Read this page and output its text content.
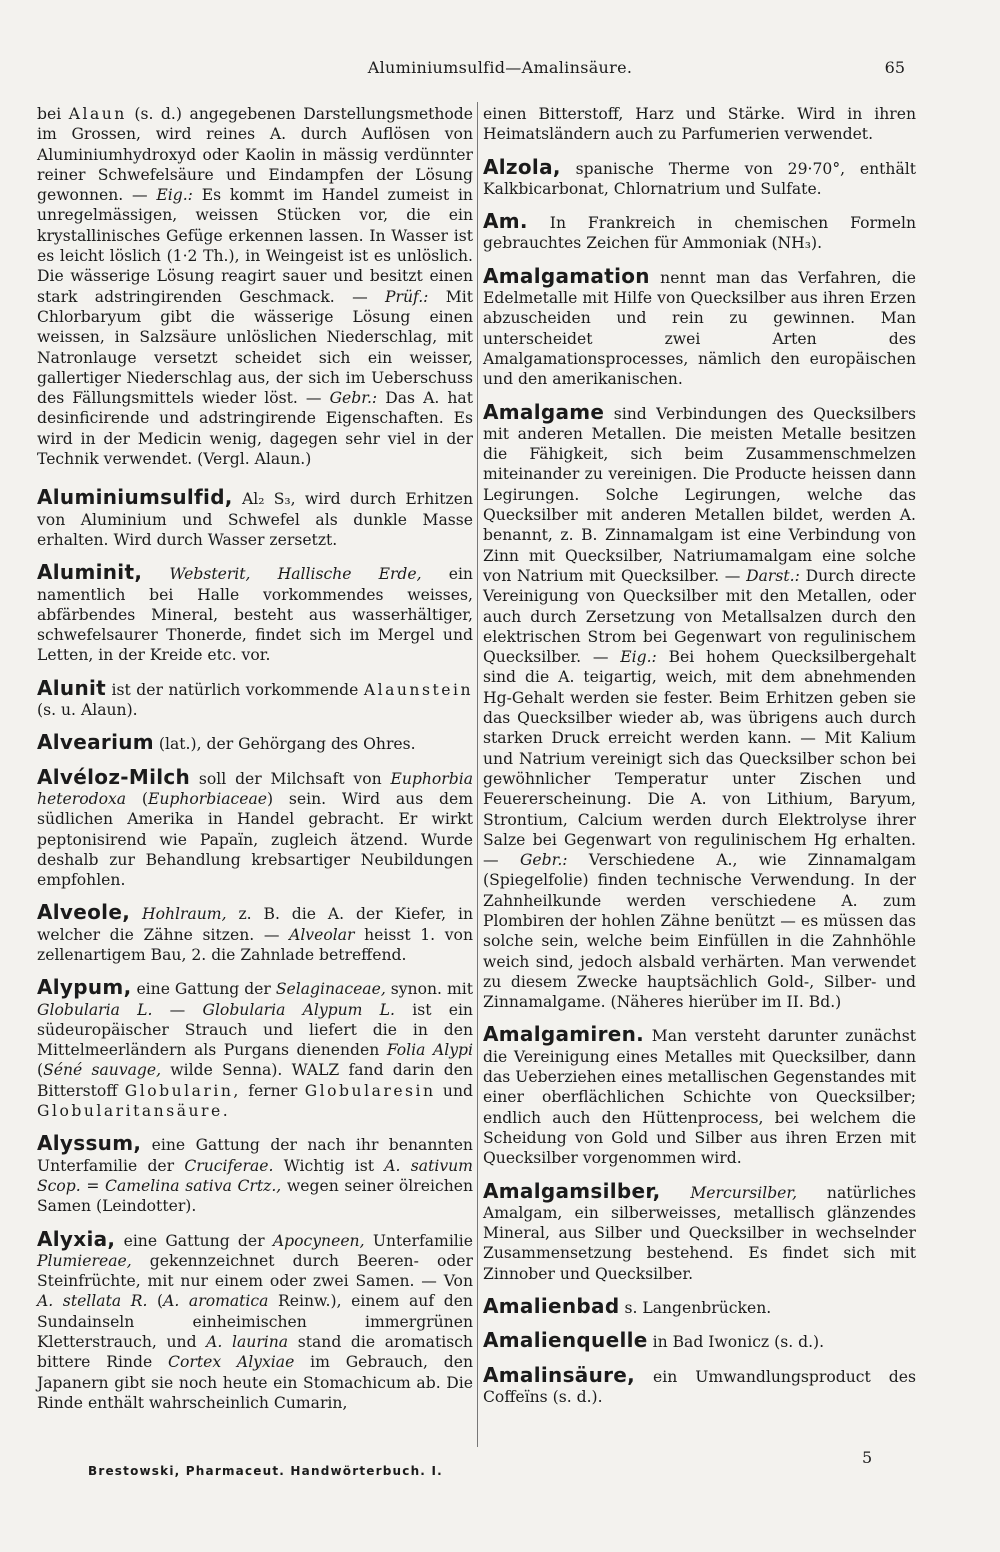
Aluminiumsulfid—Amalinsäure.	65

bei Alaun (s. d.) angegebenen Darstellungsmethode im Grossen, wird reines A. durch Auflösen von Aluminiumhydroxyd oder Kaolin in mässig verdünnter reiner Schwefelsäure und Eindampfen der Lösung gewonnen. — Eig.: Es kommt im Handel zumeist in unregelmässigen, weissen Stücken vor, die ein krystallinisches Gefüge erkennen lassen. In Wasser ist es leicht löslich (1·2 Th.), in Weingeist ist es unlöslich. Die wässerige Lösung reagirt sauer und besitzt einen stark adstringirenden Geschmack. — Prüf.: Mit Chlorbaryum gibt die wässerige Lösung einen weissen, in Salzsäure unlöslichen Niederschlag, mit Natronlauge versetzt scheidet sich ein weisser, gallertiger Niederschlag aus, der sich im Ueberschuss des Fällungsmittels wieder löst. — Gebr.: Das A. hat desinficirende und adstringirende Eigenschaften. Es wird in der Medicin wenig, dagegen sehr viel in der Technik verwendet. (Vergl. Alaun.)

Aluminiumsulfid, Al₂ S₃, wird durch Erhitzen von Aluminium und Schwefel als dunkle Masse erhalten. Wird durch Wasser zersetzt.

Aluminit, Websterit, Hallische Erde, ein namentlich bei Halle vorkommendes weisses, abfärbendes Mineral, besteht aus wasserhältiger, schwefelsaurer Thonerde, findet sich im Mergel und Letten, in der Kreide etc. vor.

Alunit ist der natürlich vorkommende Alaunstein (s. u. Alaun).

Alvearium (lat.), der Gehörgang des Ohres.

Alvéloz-Milch soll der Milchsaft von Euphorbia heterodoxa (Euphorbiaceae) sein. Wird aus dem südlichen Amerika in Handel gebracht. Er wirkt peptonisirend wie Papaïn, zugleich ätzend. Wurde deshalb zur Behandlung krebsartiger Neubildungen empfohlen.

Alveole, Hohlraum, z. B. die A. der Kiefer, in welcher die Zähne sitzen. — Alveolar heisst 1. von zellenartigem Bau, 2. die Zahnlade betreffend.

Alypum, eine Gattung der Selaginaceae, synon. mit Globularia L. — Globularia Alypum L. ist ein südeuropäischer Strauch und liefert die in den Mittelmeerländern als Purgans dienenden Folia Alypi (Séné sauvage, wilde Senna). WALZ fand darin den Bitterstoff Globularin, ferner Globularesin und Globularitansäure.

Alyssum, eine Gattung der nach ihr benannten Unterfamilie der Cruciferae. Wichtig ist A. sativum Scop. = Camelina sativa Crtz., wegen seiner ölreichen Samen (Leindotter).

Alyxia, eine Gattung der Apocyneen, Unterfamilie Plumiereae, gekennzeichnet durch Beeren- oder Steinfrüchte, mit nur einem oder zwei Samen. — Von A. stellata R. (A. aromatica Reinw.), einem auf den Sundainseln einheimischen immergrünen Kletterstrauch, und A. laurina stand die aromatisch bittere Rinde Cortex Alyxiae im Gebrauch, den Japanern gibt sie noch heute ein Stomachicum ab. Die Rinde enthält wahrscheinlich Cumarin,

einen Bitterstoff, Harz und Stärke. Wird in ihren Heimatsländern auch zu Parfumerien verwendet.

Alzola, spanische Therme von 29·70°, enthält Kalkbicarbonat, Chlornatrium und Sulfate.

Am. In Frankreich in chemischen Formeln gebrauchtes Zeichen für Ammoniak (NH₃).

Amalgamation nennt man das Verfahren, die Edelmetalle mit Hilfe von Quecksilber aus ihren Erzen abzuscheiden und rein zu gewinnen. Man unterscheidet zwei Arten des Amalgamationsprocesses, nämlich den europäischen und den amerikanischen.

Amalgame sind Verbindungen des Quecksilbers mit anderen Metallen. Die meisten Metalle besitzen die Fähigkeit, sich beim Zusammenschmelzen miteinander zu vereinigen. Die Producte heissen dann Legirungen. Solche Legirungen, welche das Quecksilber mit anderen Metallen bildet, werden A. benannt, z. B. Zinnamalgam ist eine Verbindung von Zinn mit Quecksilber, Natriumamalgam eine solche von Natrium mit Quecksilber. — Darst.: Durch directe Vereinigung von Quecksilber mit den Metallen, oder auch durch Zersetzung von Metallsalzen durch den elektrischen Strom bei Gegenwart von regulinischem Quecksilber. — Eig.: Bei hohem Quecksilbergehalt sind die A. teigartig, weich, mit dem abnehmenden Hg-Gehalt werden sie fester. Beim Erhitzen geben sie das Quecksilber wieder ab, was übrigens auch durch starken Druck erreicht werden kann. — Mit Kalium und Natrium vereinigt sich das Quecksilber schon bei gewöhnlicher Temperatur unter Zischen und Feuererscheinung. Die A. von Lithium, Baryum, Strontium, Calcium werden durch Elektrolyse ihrer Salze bei Gegenwart von regulinischem Hg erhalten. — Gebr.: Verschiedene A., wie Zinnamalgam (Spiegelfolie) finden technische Verwendung. In der Zahnheilkunde werden verschiedene A. zum Plombiren der hohlen Zähne benützt — es müssen das solche sein, welche beim Einfüllen in die Zahnhöhle weich sind, jedoch alsbald verhärten. Man verwendet zu diesem Zwecke hauptsächlich Gold-, Silber- und Zinnamalgame. (Näheres hierüber im II. Bd.)

Amalgamiren. Man versteht darunter zunächst die Vereinigung eines Metalles mit Quecksilber, dann das Ueberziehen eines metallischen Gegenstandes mit einer oberflächlichen Schichte von Quecksilber; endlich auch den Hüttenprocess, bei welchem die Scheidung von Gold und Silber aus ihren Erzen mit Quecksilber vorgenommen wird.

Amalgamsilber, Mercursilber, natürliches Amalgam, ein silberweisses, metallisch glänzendes Mineral, aus Silber und Quecksilber in wechselnder Zusammensetzung bestehend. Es findet sich mit Zinnober und Quecksilber.

Amalienbad s. Langenbrücken.

Amalienquelle in Bad Iwonicz (s. d.).

Amalinsäure, ein Umwandlungsproduct des Coffeïns (s. d.).

Brestowski, Pharmaceut. Handwörterbuch. I.
5
